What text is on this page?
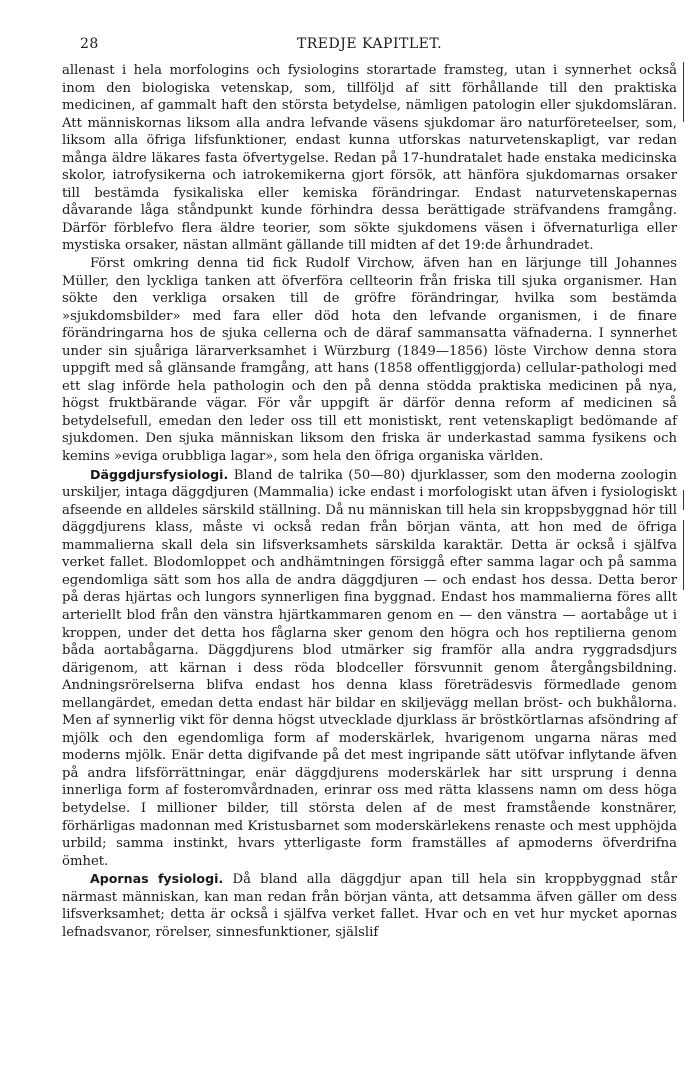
28	TREDJE KAPITLET.

allenast i hela morfologins och fysiologins storartade framsteg, utan i synnerhet också inom den biologiska vetenskap, som, tillföljd af sitt förhållande till den praktiska medicinen, af gammalt haft den största betydelse, nämligen patologin eller sjukdomsläran. Att människornas liksom alla andra lefvande väsens sjukdomar äro naturföreteelser, som, liksom alla öfriga lifsfunktioner, endast kunna utforskas naturvetenskapligt, var redan många äldre läkares fasta öfvertygelse. Redan på 17-hundratalet hade enstaka medicinska skolor, iatrofysikerna och iatrokemikerna gjort försök, att hänföra sjukdomarnas orsaker till bestämda fysikaliska eller kemiska förändringar. Endast naturvetenskapernas dåvarande låga ståndpunkt kunde förhindra dessa berättigade sträfvandens framgång. Därför förblefvo flera äldre teorier, som sökte sjukdomens väsen i öfvernaturliga eller mystiska orsaker, nästan allmänt gällande till midten af det 19:de århundradet.

Först omkring denna tid fick Rudolf Virchow, äfven han en lärjunge till Johannes Müller, den lyckliga tanken att öfverföra cellteorin från friska till sjuka organismer. Han sökte den verkliga orsaken till de gröfre förändringar, hvilka som bestämda »sjukdomsbilder» med fara eller död hota den lefvande organismen, i de finare förändringarna hos de sjuka cellerna och de däraf sammansatta väfnaderna. I synnerhet under sin sjuåriga lärarverksamhet i Würzburg (1849—1856) löste Virchow denna stora uppgift med så glänsande framgång, att hans (1858 offentliggjorda) cellular-pathologi med ett slag införde hela pathologin och den på denna stödda praktiska medicinen på nya, högst fruktbärande vägar. För vår uppgift är därför denna reform af medicinen så betydelsefull, emedan den leder oss till ett monistiskt, rent vetenskapligt bedömande af sjukdomen. Den sjuka människan liksom den friska är underkastad samma fysikens och kemins »eviga orubbliga lagar», som hela den öfriga organiska världen.

Däggdjursfysiologi. Bland de talrika (50—80) djurklasser, som den moderna zoologin urskiljer, intaga däggdjuren (Mammalia) icke endast i morfologiskt utan äfven i fysiologiskt afseende en alldeles särskild ställning. Då nu människan till hela sin kroppsbyggnad hör till däggdjurens klass, måste vi också redan från början vänta, att hon med de öfriga mammalierna skall dela sin lifsverksamhets särskilda karaktär. Detta är också i själfva verket fallet. Blodomloppet och andhämtningen försiggå efter samma lagar och på samma egendomliga sätt som hos alla de andra däggdjuren — och endast hos dessa. Detta beror på deras hjärtas och lungors synnerligen fina byggnad. Endast hos mammalierna föres allt arteriellt blod från den vänstra hjärtkammaren genom en — den vänstra — aortabåge ut i kroppen, under det detta hos fåglarna sker genom den högra och hos reptilierna genom båda aortabågarna. Däggdjurens blod utmärker sig framför alla andra ryggradsdjurs därigenom, att kärnan i dess röda blodceller försvunnit genom återgångsbildning. Andningsrörelserna blifva endast hos denna klass företrädesvis förmedlade genom mellangärdet, emedan detta endast här bildar en skiljevägg mellan bröst- och bukhålorna. Men af synnerlig vikt för denna högst utvecklade djurklass är bröstkörtlarnas afsöndring af mjölk och den egendomliga form af moderskärlek, hvarigenom ungarna näras med moderns mjölk. Enär detta digifvande på det mest ingripande sätt utöfvar inflytande äfven på andra lifsförrättningar, enär däggdjurens moderskärlek har sitt ursprung i denna innerliga form af fosteromvårdnaden, erinrar oss med rätta klassens namn om dess höga betydelse. I millioner bilder, till största delen af de mest framstående konstnärer, förhärligas madonnan med Kristusbarnet som moderskärlekens renaste och mest upphöjda urbild; samma instinkt, hvars ytterligaste form framställes af apmoderns öfverdrifna ömhet.

Apornas fysiologi. Då bland alla däggdjur apan till hela sin kroppbyggnad står närmast människan, kan man redan från början vänta, att detsamma äfven gäller om dess lifsverksamhet; detta är också i själfva verket fallet. Hvar och en vet hur mycket apornas lefnadsvanor, rörelser, sinnesfunktioner, själslif
